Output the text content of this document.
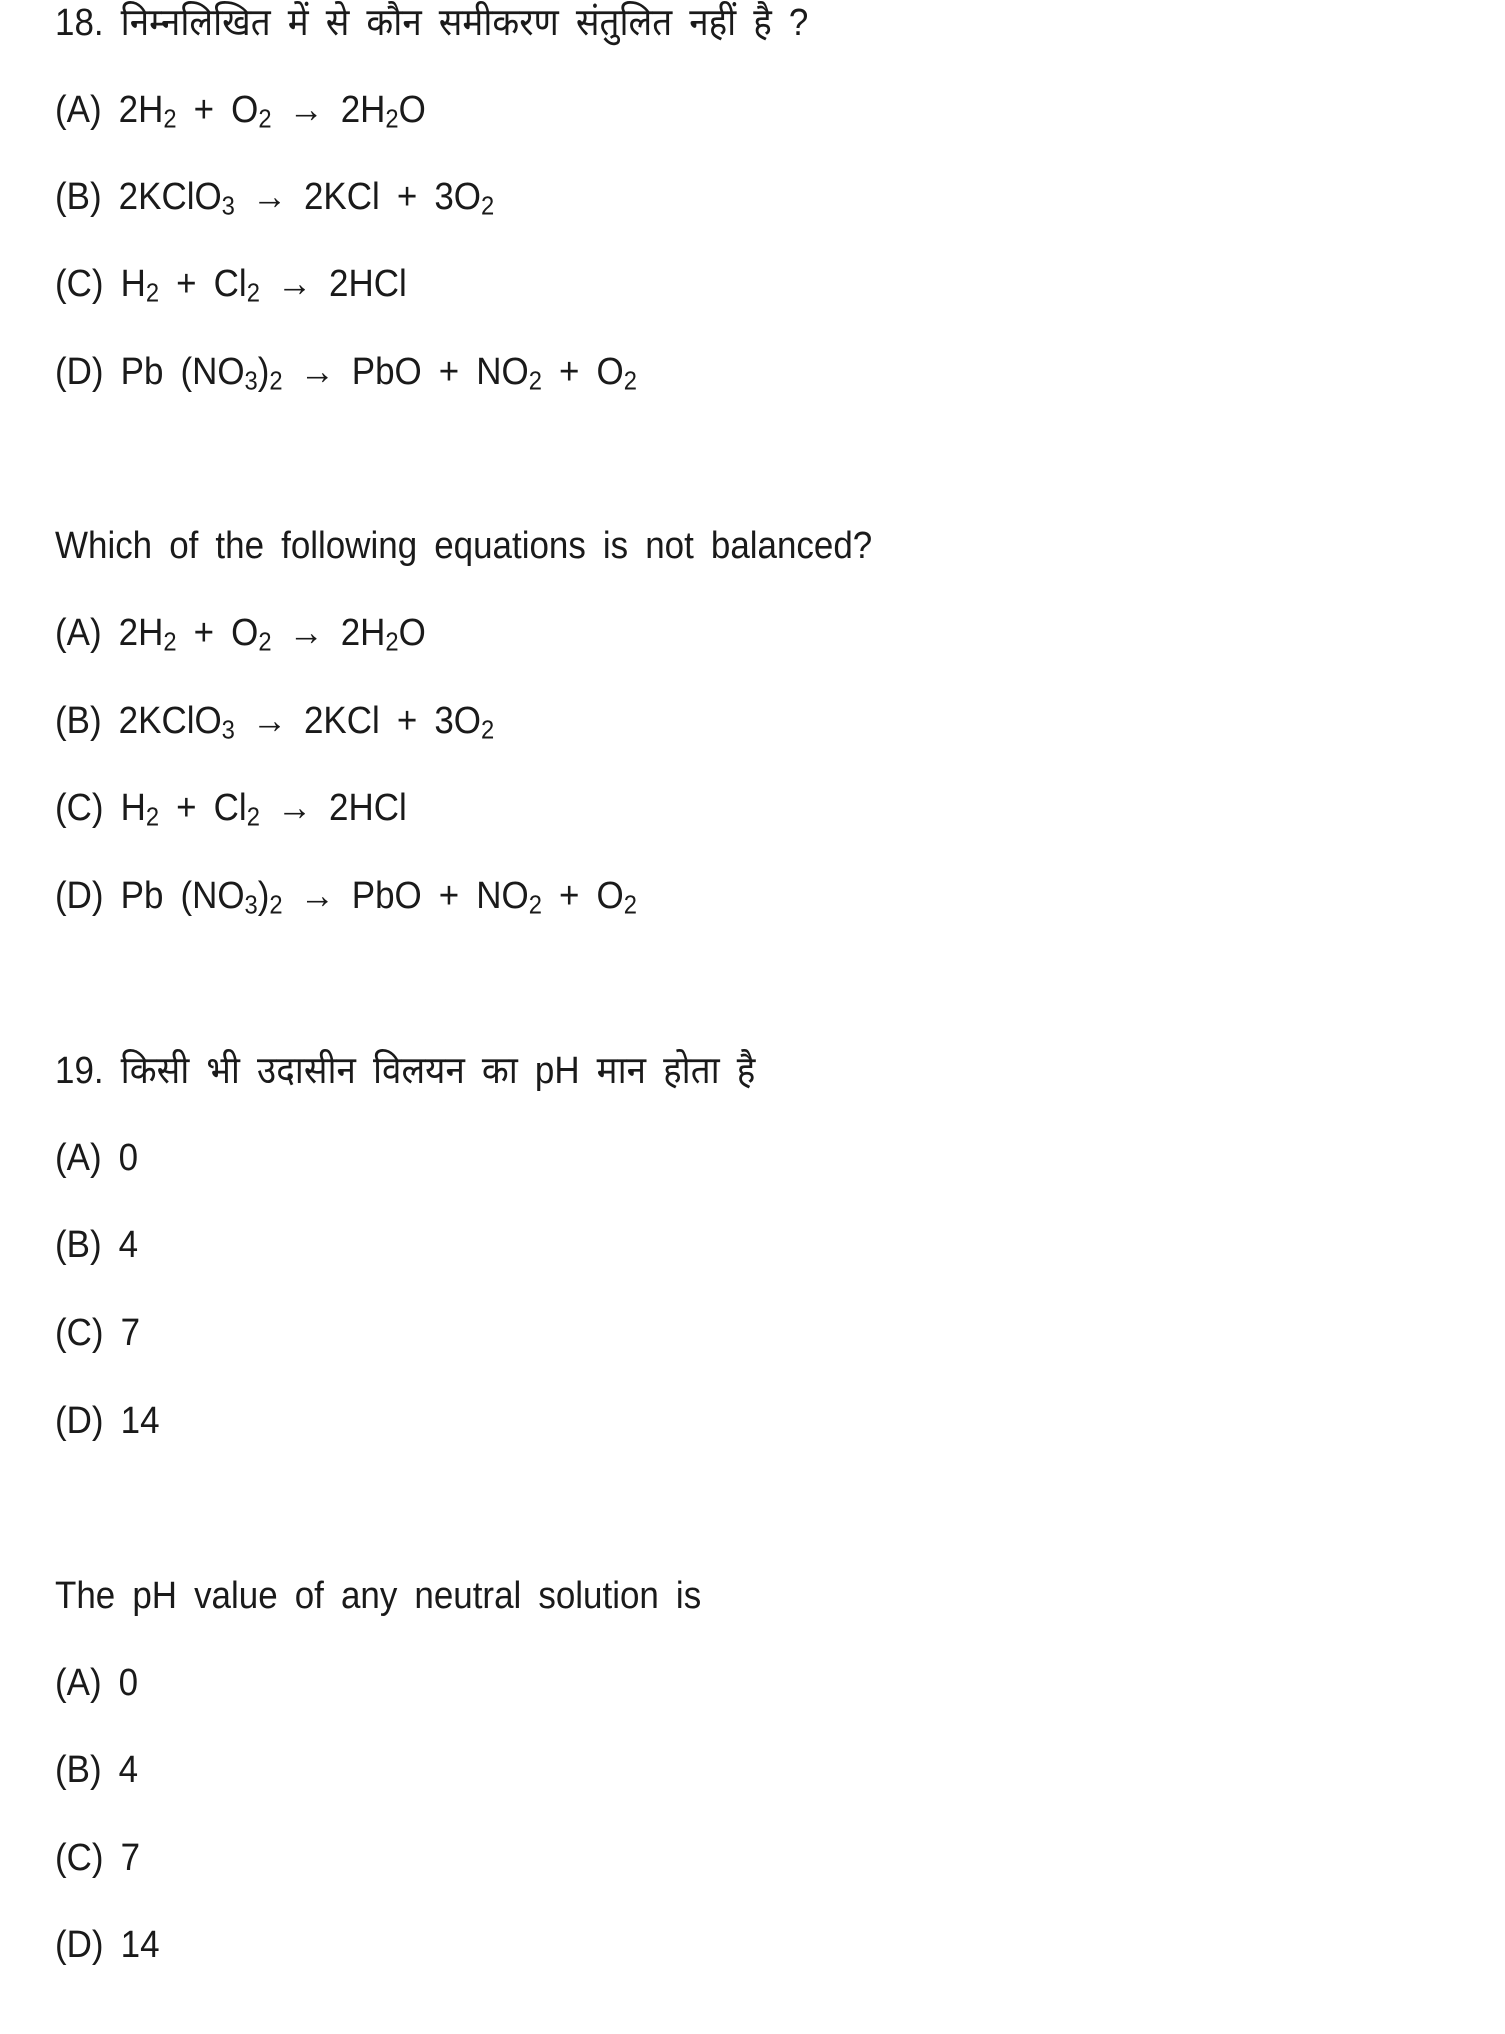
18. निम्नलिखित में से कौन समीकरण संतुलित नहीं है ?
(A) $2H_2 + O_2 \to 2H_2O$
(B) 2KClO$_3$ → $2KCl + 3O_2$
(C) $H_2 + Cl_2 \to 2HCl$
(D) Pb $(NO_3)_2$ → PbO + $NO_2 + O_2$
Which of the following equations is not balanced?
(A) $2H_2 + O_2 \to 2H_2O$
(B) 2KClO$_3$ → $2KCl + 3O_2$
(C) $H_2 + Cl_2 \to 2HCl$
(D) Pb $(NO_3)_2$ → PbO + $NO_2 + O_2$
19. किसी भी उदासीन विलयन का pH मान होता है
(A) 0
(B) 4
(C) 7
(D) 14
The pH value of any neutral solution is
(A) 0
(B) 4
(C) 7
(D) 14
